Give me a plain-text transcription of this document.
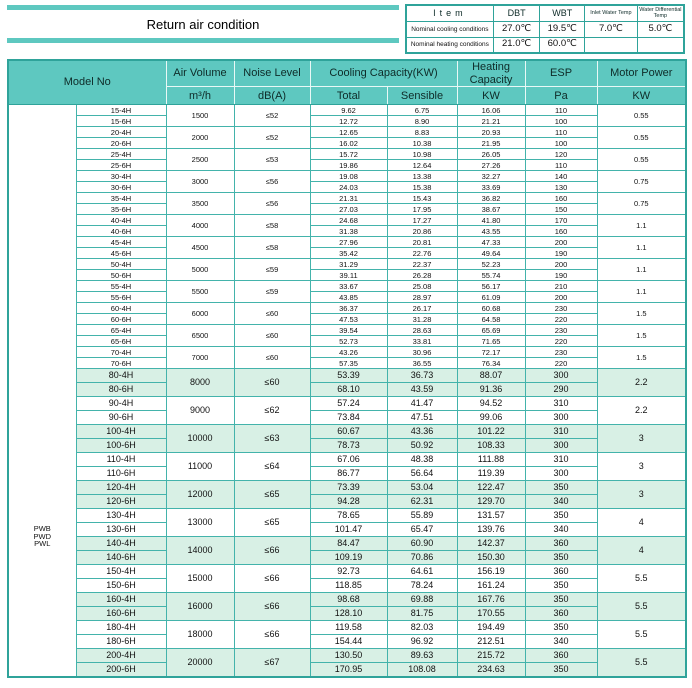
Return air condition
Item	DBT	WBT	Inlet Water Temp	Water Differential Temp
Nominal cooling conditions	27.0℃	19.5℃	7.0℃	5.0℃
Nominal heating conditions	21.0℃	60.0℃		
Model No		Air Volume	Noise Level	Cooling Capacity(KW)		Heating Capacity	ESP	Motor Power
		m³/h	dB(A)	Total	Sensible	KW	Pa	KW

PWB
PWD
PWL	15-4H	1500	≤52	9.62	6.75	16.06	110	0.55
	15-6H			12.72	8.90	21.21	100	
	20-4H	2000	≤52	12.65	8.83	20.93	110	0.55
	20-6H			16.02	10.38	21.95	100	
	25-4H	2500	≤53	15.72	10.98	26.05	120	0.55
	25-6H			19.86	12.64	27.26	110	
	30-4H	3000	≤56	19.08	13.38	32.27	140	0.75
	30-6H			24.03	15.38	33.69	130	
	35-4H	3500	≤56	21.31	15.43	36.82	160	0.75
	35-6H			27.03	17.95	38.67	150	
	40-4H	4000	≤58	24.68	17.27	41.80	170	1.1
	40-6H			31.38	20.86	43.55	160	
	45-4H	4500	≤58	27.96	20.81	47.33	200	1.1
	45-6H			35.42	22.76	49.64	190	
	50-4H	5000	≤59	31.29	22.37	52.23	200	1.1
	50-6H			39.11	26.28	55.74	190	
	55-4H	5500	≤59	33.67	25.08	56.17	210	1.1
	55-6H			43.85	28.97	61.09	200	
	60-4H	6000	≤60	36.37	26.17	60.68	230	1.5
	60-6H			47.53	31.28	64.58	220	
	65-4H	6500	≤60	39.54	28.63	65.69	230	1.5
	65-6H			52.73	33.81	71.65	220	
	70-4H	7000	≤60	43.26	30.96	72.17	230	1.5
	70-6H			57.35	36.55	76.34	220	
	80-4H	8000	≤60	53.39	36.73	88.07	300	2.2
	80-6H			68.10	43.59	91.36	290	
	90-4H	9000	≤62	57.24	41.47	94.52	310	2.2
	90-6H			73.84	47.51	99.06	300	
	100-4H	10000	≤63	60.67	43.36	101.22	310	3
	100-6H			78.73	50.92	108.33	300	
	110-4H	11000	≤64	67.06	48.38	111.88	310	3
	110-6H			86.77	56.64	119.39	300	
	120-4H	12000	≤65	73.39	53.04	122.47	350	3
	120-6H			94.28	62.31	129.70	340	
	130-4H	13000	≤65	78.65	55.89	131.57	350	4
	130-6H			101.47	65.47	139.76	340	
	140-4H	14000	≤66	84.47	60.90	142.37	360	4
	140-6H			109.19	70.86	150.30	350	
	150-4H	15000	≤66	92.73	64.61	156.19	360	5.5
	150-6H			118.85	78.24	161.24	350	
	160-4H	16000	≤66	98.68	69.88	167.76	350	5.5
	160-6H			128.10	81.75	170.55	360	
	180-4H	18000	≤66	119.58	82.03	194.49	350	5.5
	180-6H			154.44	96.92	212.51	340	
	200-4H	20000	≤67	130.50	89.63	215.72	360	5.5
	200-6H			170.95	108.08	234.63	350	
